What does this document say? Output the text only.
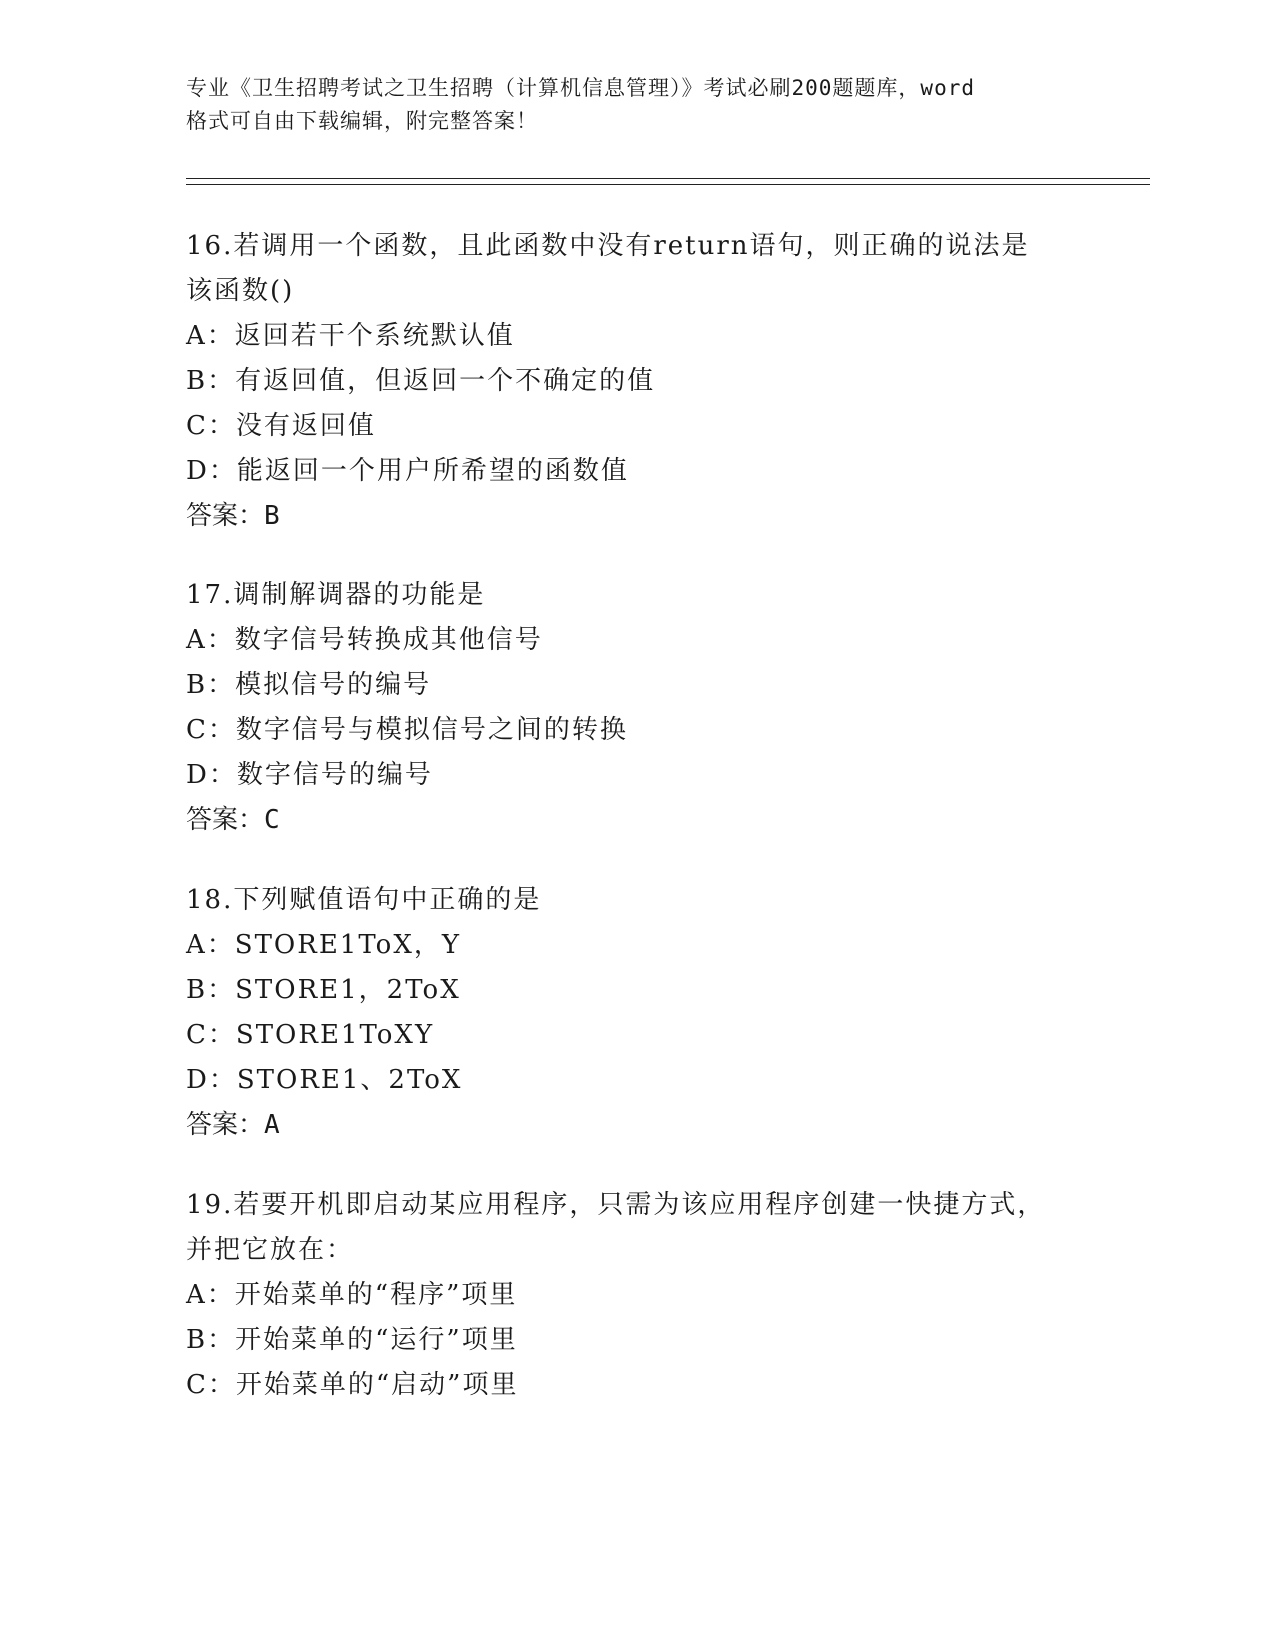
专业《卫生招聘考试之卫生招聘（计算机信息管理）》考试必刷200题题库，word
格式可自由下载编辑，附完整答案！

16.若调用一个函数，且此函数中没有return语句，则正确的说法是

该函数()

A：返回若干个系统默认值

B：有返回值，但返回一个不确定的值

C：没有返回值

D：能返回一个用户所希望的函数值

答案：B

17.调制解调器的功能是

A：数字信号转换成其他信号

B：模拟信号的编号

C：数字信号与模拟信号之间的转换

D：数字信号的编号

答案：C

18.下列赋值语句中正确的是

A：STORE1ToX，Y

B：STORE1，2ToX

C：STORE1ToXY

D：STORE1、2ToX

答案：A

19.若要开机即启动某应用程序，只需为该应用程序创建一快捷方式，

并把它放在：

A：开始菜单的“程序”项里

B：开始菜单的“运行”项里

C：开始菜单的“启动”项里
